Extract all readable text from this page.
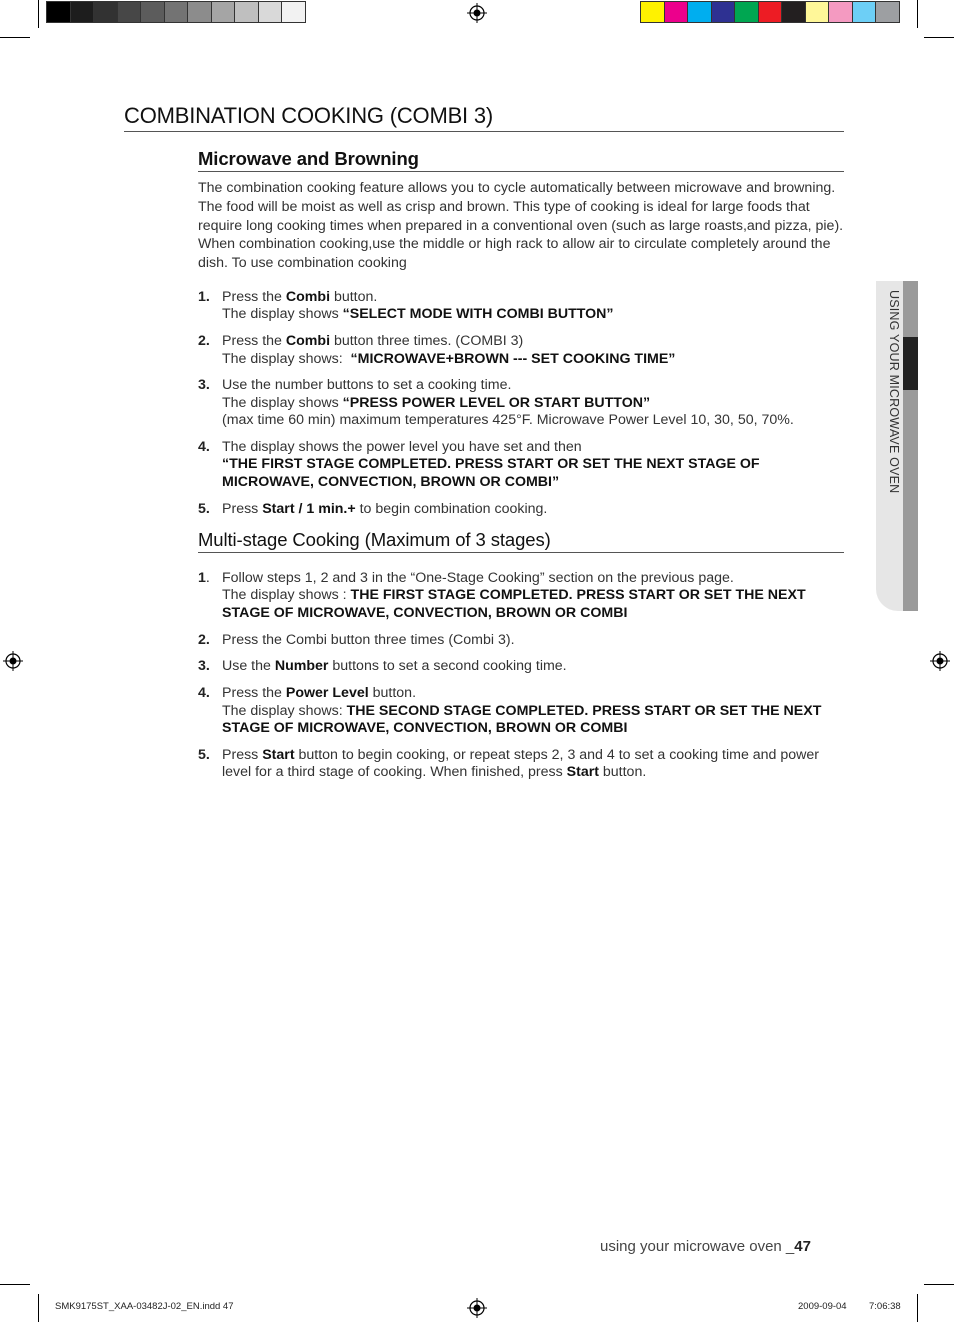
COMBINATION COOKING (COMBI 3)
Microwave and Browning

The combination cooking feature allows you to cycle automatically between microwave and browning. The food will be moist as well as crisp and brown. This type of cooking is ideal for large foods that require long cooking times when prepared in a conventional oven (such as large roasts,and pizza, pie). When combination cooking,use the middle or high rack to allow air to circulate completely around the dish. To use combination cooking

1. Press the Combi button.
The display shows “SELECT MODE WITH COMBI BUTTON”
2. Press the Combi button three times. (COMBI 3)
The display shows:  “MICROWAVE+BROWN --- SET COOKING TIME”
3. Use the number buttons to set a cooking time.
The display shows “PRESS POWER LEVEL OR START BUTTON”
(max time 60 min) maximum temperatures 425°F. Microwave Power Level 10, 30, 50, 70%.
4. The display shows the power level you have set and then
“THE FIRST STAGE COMPLETED. PRESS START OR SET THE NEXT STAGE OF MICROWAVE, CONVECTION, BROWN OR COMBI”
5. Press Start / 1 min.+ to begin combination cooking.
Multi-stage Cooking (Maximum of 3 stages)
1. Follow steps 1, 2 and 3 in the “One-Stage Cooking” section on the previous page.
The display shows : THE FIRST STAGE COMPLETED. PRESS START OR SET THE NEXT STAGE OF MICROWAVE, CONVECTION, BROWN OR COMBI
2. Press the Combi button three times (Combi 3).
3. Use the Number buttons to set a second cooking time.
4. Press the Power Level button.
The display shows: THE SECOND STAGE COMPLETED. PRESS START OR SET THE NEXT STAGE OF MICROWAVE, CONVECTION, BROWN OR COMBI
5. Press Start button to begin cooking, or repeat steps 2, 3 and 4 to set a cooking time and power level for a third stage of cooking. When finished, press Start button.
USING YOUR MICROWAVE OVEN
using your microwave oven _47
SMK9175ST_XAA-03482J-02_EN.indd 47	2009-09-04 7:06:38
